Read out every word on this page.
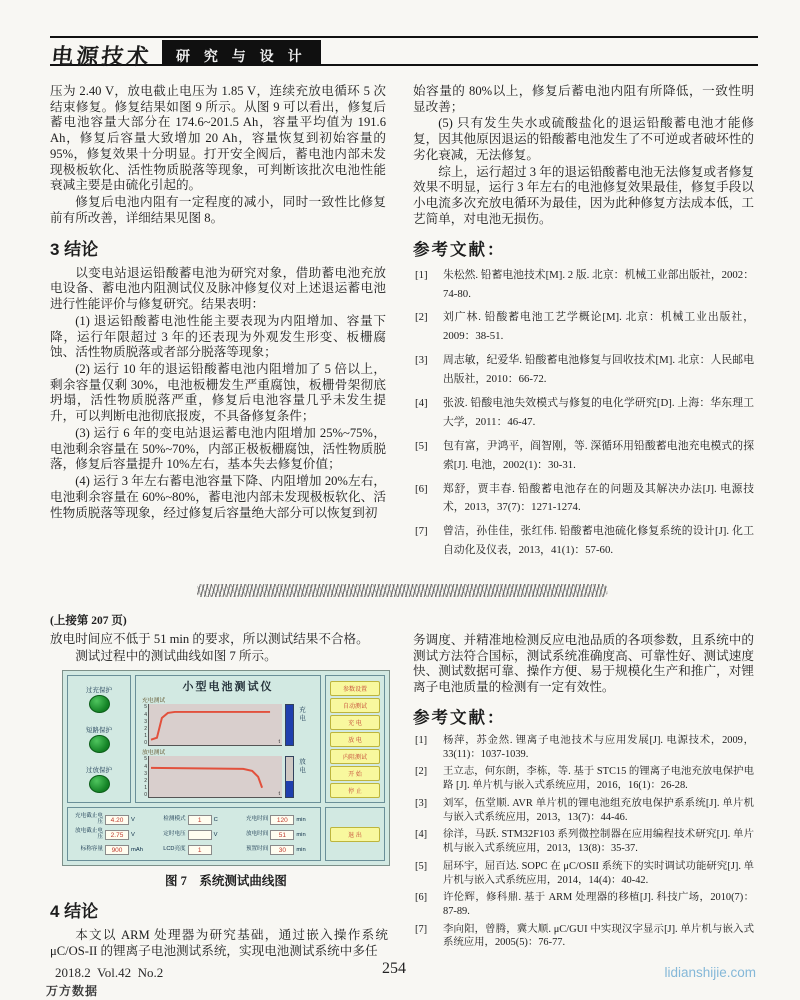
电源技术	研 究 与 设 计

压为 2.40 V，放电截止电压为 1.85 V，连续充放电循环 5 次结束修复。修复结果如图 9 所示。从图 9 可以看出，修复后蓄电池容量大部分在 174.6~201.5 Ah，容量平均值为 191.6 Ah，修复后容量大致增加 20 Ah，容量恢复到初始容量的 95%，修复效果十分明显。打开安全阀后，蓄电池内部未发现极板软化、活性物质脱落等现象，可判断该批次电池性能衰减主要是由硫化引起的。

修复后电池内阻有一定程度的减小，同时一致性比修复前有所改善，详细结果见图 8。

3 结论

以变电站退运铅酸蓄电池为研究对象，借助蓄电池充放电设备、蓄电池内阻测试仪及脉冲修复仪对上述退运蓄电池进行性能评价与修复研究。结果表明：

(1) 退运铅酸蓄电池性能主要表现为内阻增加、容量下降，运行年限超过 3 年的还表现为外观发生形变、板栅腐蚀、活性物质脱落或者部分脱落等现象；

(2) 运行 10 年的退运铅酸蓄电池内阻增加了 5 倍以上，剩余容量仅剩 30%，电池板栅发生严重腐蚀，板栅骨架彻底坍塌，活性物质脱落严重，修复后电池容量几乎未发生提升，可以判断电池彻底报废，不具备修复条件；

(3) 运行 6 年的变电站退运蓄电池内阻增加 25%~75%，电池剩余容量在 50%~70%，内部正极板栅腐蚀，活性物质脱落，修复后容量提升 10%左右，基本失去修复价值；

(4) 运行 3 年左右蓄电池容量下降、内阻增加 20%左右，电池剩余容量在 60%~80%，蓄电池内部未发现极板软化、活性物质脱落等现象，经过修复后容量绝大部分可以恢复到初

始容量的 80%以上，修复后蓄电池内阻有所降低，一致性明显改善；

(5) 只有发生失水或硫酸盐化的退运铅酸蓄电池才能修复，因其他原因退运的铅酸蓄电池发生了不可逆或者破坏性的劣化衰减，无法修复。

综上，运行超过 3 年的退运铅酸蓄电池无法修复或者修复效果不明显，运行 3 年左右的电池修复效果最佳，修复手段以小电流多次充放电循环为最佳，因为此种修复方法成本低，工艺简单，对电池无损伤。

参考文献：
[1] 朱松然. 铅蓄电池技术[M]. 2 版. 北京：机械工业部出版社，2002：74-80.
[2] 刘广林. 铅酸蓄电池工艺学概论[M]. 北京：机械工业出版社，2009：38-51.
[3] 周志敏，纪爱华. 铅酸蓄电池修复与回收技术[M]. 北京：人民邮电出版社，2010：66-72.
[4] 张波. 铅酸电池失效模式与修复的电化学研究[D]. 上海：华东理工大学，2011：46-47.
[5] 包有富，尹鸿平，阎智刚，等. 深循环用铅酸蓄电池充电模式的探索[J]. 电池，2002(1)：30-31.
[6] 郑舒，贾丰春. 铅酸蓄电池存在的问题及其解决办法[J]. 电源技术，2013，37(7)：1271-1274.
[7] 曾洁，孙佳佳，张红伟. 铅酸蓄电池硫化修复系统的设计[J]. 化工自动化及仪表，2013，41(1)：57-60.

(上接第 207 页)

放电时间应不低于 51 min 的要求，所以测试结果不合格。

测试过程中的测试曲线如图 7 所示。

过充保护
短路保护
过放保护
小型电池测试仪
充电测试
5
4
3
2
1
0	t
充电
放电测试
5
4
3
2
1
0	t
放电
充电截止电压	4.20	V	检测模式	1	C	充电时间	120	min
放电截止电压	2.75	V	定时电压	V	放电时间	51	min
标称容量	900	mAh	LCD亮度	1	预置时间	30	min
参数设置
自动测试
充 电
放 电
内阻测试
开 始
停 止
退 出

图 7　系统测试曲线图

4 结论

本文以 ARM 处理器为研究基础，通过嵌入操作系统 μC/OS-II 的锂离子电池测试系统，实现电池测试系统中多任

务调度、并精准地检测反应电池品质的各项参数，且系统中的测试方法符合国标，测试系统准确度高、可靠性好、测试速度快、测试数据可靠、操作方便、易于规模化生产和推广，对锂离子电池质量的检测有一定有效性。

参考文献：
[1] 杨萍，苏金然. 锂离子电池技术与应用发展[J]. 电源技术，2009，33(11)：1037-1039.
[2] 王立志，何东朗，李栋，等. 基于 STC15 的锂离子电池充放电保护电路 [J]. 单片机与嵌入式系统应用，2016，16(1)：26-28.
[3] 刘军，伍堂顺. AVR 单片机的锂电池组充放电保护系系统[J]. 单片机与嵌入式系统应用，2013，13(7)：44-46.
[4] 徐洋，马跃. STM32F103 系列微控制器在应用编程技术研究[J]. 单片机与嵌入式系统应用，2013，13(8)：35-37.
[5] 屈环宇，屈百达. SOPC 在 μC/OSII 系统下的实时调试功能研究[J]. 单片机与嵌入式系统应用，2014，14(4)：40-42.
[6] 许伦辉，修科鼎. 基于 ARM 处理器的移植[J]. 科技广场，2010(7)：87-89.
[7] 李向阳，曾腾，冀大顺. μC/GUI 中实现汉字显示[J]. 单片机与嵌入式系统应用，2005(5)：76-77.
2018.2  Vol.42  No.2	254	lidianshijie.com
万方数据
